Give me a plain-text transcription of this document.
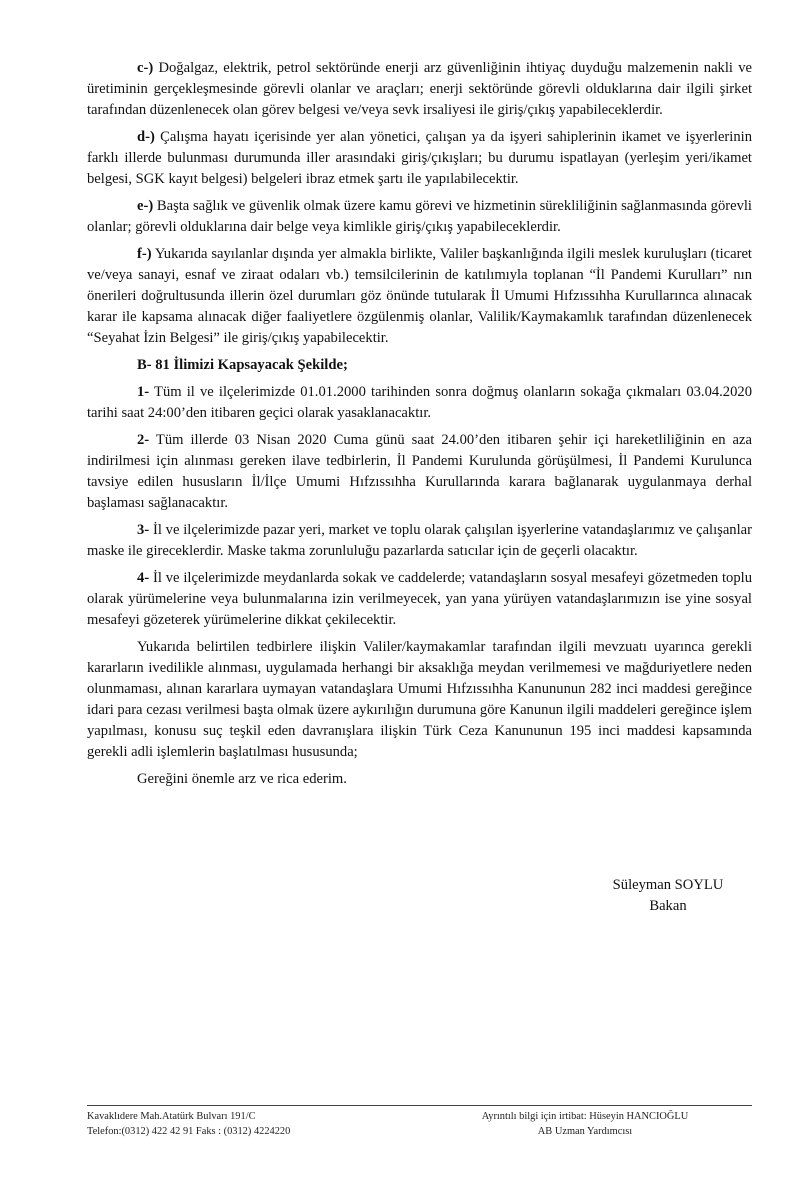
c-) Doğalgaz, elektrik, petrol sektöründe enerji arz güvenliğinin ihtiyaç duyduğu malzemenin nakli ve üretiminin gerçekleşmesinde görevli olanlar ve araçları; enerji sektöründe görevli olduklarına dair ilgili şirket tarafından düzenlenecek olan görev belgesi ve/veya sevk irsaliyesi ile giriş/çıkış yapabileceklerdir.

d-) Çalışma hayatı içerisinde yer alan yönetici, çalışan ya da işyeri sahiplerinin ikamet ve işyerlerinin farklı illerde bulunması durumunda iller arasındaki giriş/çıkışları; bu durumu ispatlayan (yerleşim yeri/ikamet belgesi, SGK kayıt belgesi) belgeleri ibraz etmek şartı ile yapılabilecektir.

e-) Başta sağlık ve güvenlik olmak üzere kamu görevi ve hizmetinin sürekliliğinin sağlanmasında görevli olanlar; görevli olduklarına dair belge veya kimlikle giriş/çıkış yapabileceklerdir.

f-) Yukarıda sayılanlar dışında yer almakla birlikte, Valiler başkanlığında ilgili meslek kuruluşları (ticaret ve/veya sanayi, esnaf ve ziraat odaları vb.) temsilcilerinin de katılımıyla toplanan “İl Pandemi Kurulları” nın önerileri doğrultusunda illerin özel durumları göz önünde tutularak İl Umumi Hıfzıssıhha Kurullarınca alınacak karar ile kapsama alınacak diğer faaliyetlere özgülenmiş olanlar, Valilik/Kaymakamlık tarafından düzenlenecek “Seyahat İzin Belgesi” ile giriş/çıkış yapabilecektir.

B- 81 İlimizi Kapsayacak Şekilde;

1- Tüm il ve ilçelerimizde 01.01.2000 tarihinden sonra doğmuş olanların sokağa çıkmaları 03.04.2020 tarihi saat 24:00’den itibaren geçici olarak yasaklanacaktır.

2- Tüm illerde 03 Nisan 2020 Cuma günü saat 24.00’den itibaren şehir içi hareketliliğinin en aza indirilmesi için alınması gereken ilave tedbirlerin, İl Pandemi Kurulunda görüşülmesi, İl Pandemi Kurulunca tavsiye edilen hususların İl/İlçe Umumi Hıfzıssıhha Kurullarında karara bağlanarak uygulanmaya derhal başlaması sağlanacaktır.

3- İl ve ilçelerimizde pazar yeri, market ve toplu olarak çalışılan işyerlerine vatandaşlarımız ve çalışanlar maske ile gireceklerdir. Maske takma zorunluluğu pazarlarda satıcılar için de geçerli olacaktır.

4- İl ve ilçelerimizde meydanlarda sokak ve caddelerde; vatandaşların sosyal mesafeyi gözetmeden toplu olarak yürümelerine veya bulunmalarına izin verilmeyecek, yan yana yürüyen vatandaşlarımızın ise yine sosyal mesafeyi gözeterek yürümelerine dikkat çekilecektir.

Yukarıda belirtilen tedbirlere ilişkin Valiler/kaymakamlar tarafından ilgili mevzuatı uyarınca gerekli kararların ivedilikle alınması, uygulamada herhangi bir aksaklığa meydan verilmemesi ve mağduriyetlere neden olunmaması, alınan kararlara uymayan vatandaşlara Umumi Hıfzıssıhha Kanununun 282 inci maddesi gereğince idari para cezası verilmesi başta olmak üzere aykırılığın durumuna göre Kanunun ilgili maddeleri gereğince işlem yapılması, konusu suç teşkil eden davranışlara ilişkin Türk Ceza Kanununun 195 inci maddesi kapsamında gerekli adli işlemlerin başlatılması hususunda;

Gereğini önemle arz ve rica ederim.

Süleyman SOYLU
Bakan
Kavaklıdere Mah.Atatürk Bulvarı 191/C
Telefon:(0312) 422 42 91 Faks : (0312) 4224220
Ayrıntılı bilgi için irtibat: Hüseyin HANCIOĞLU
AB Uzman Yardımcısı
